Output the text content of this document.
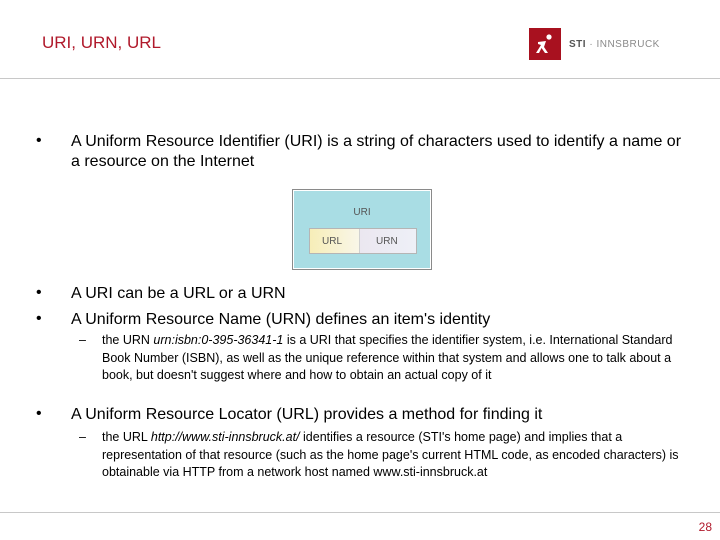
URI, URN, URL	STI · INNSBRUCK
• A Uniform Resource Identifier (URI) is a string of characters used to identify a name or a resource on the Internet
URI
URL	URN
• A URI can be a URL or a URN
• A Uniform Resource Name (URN) defines an item's identity
– the URN urn:isbn:0-395-36341-1 is a URI that specifies the identifier system, i.e. International Standard Book Number (ISBN), as well as the unique reference within that system and allows one to talk about a book, but doesn't suggest where and how to obtain an actual copy of it
• A Uniform Resource Locator (URL) provides a method for finding it
– the URL http://www.sti-innsbruck.at/ identifies a resource (STI's home page) and implies that a representation of that resource (such as the home page's current HTML code, as encoded characters) is obtainable via HTTP from a network host named www.sti-innsbruck.at
28
